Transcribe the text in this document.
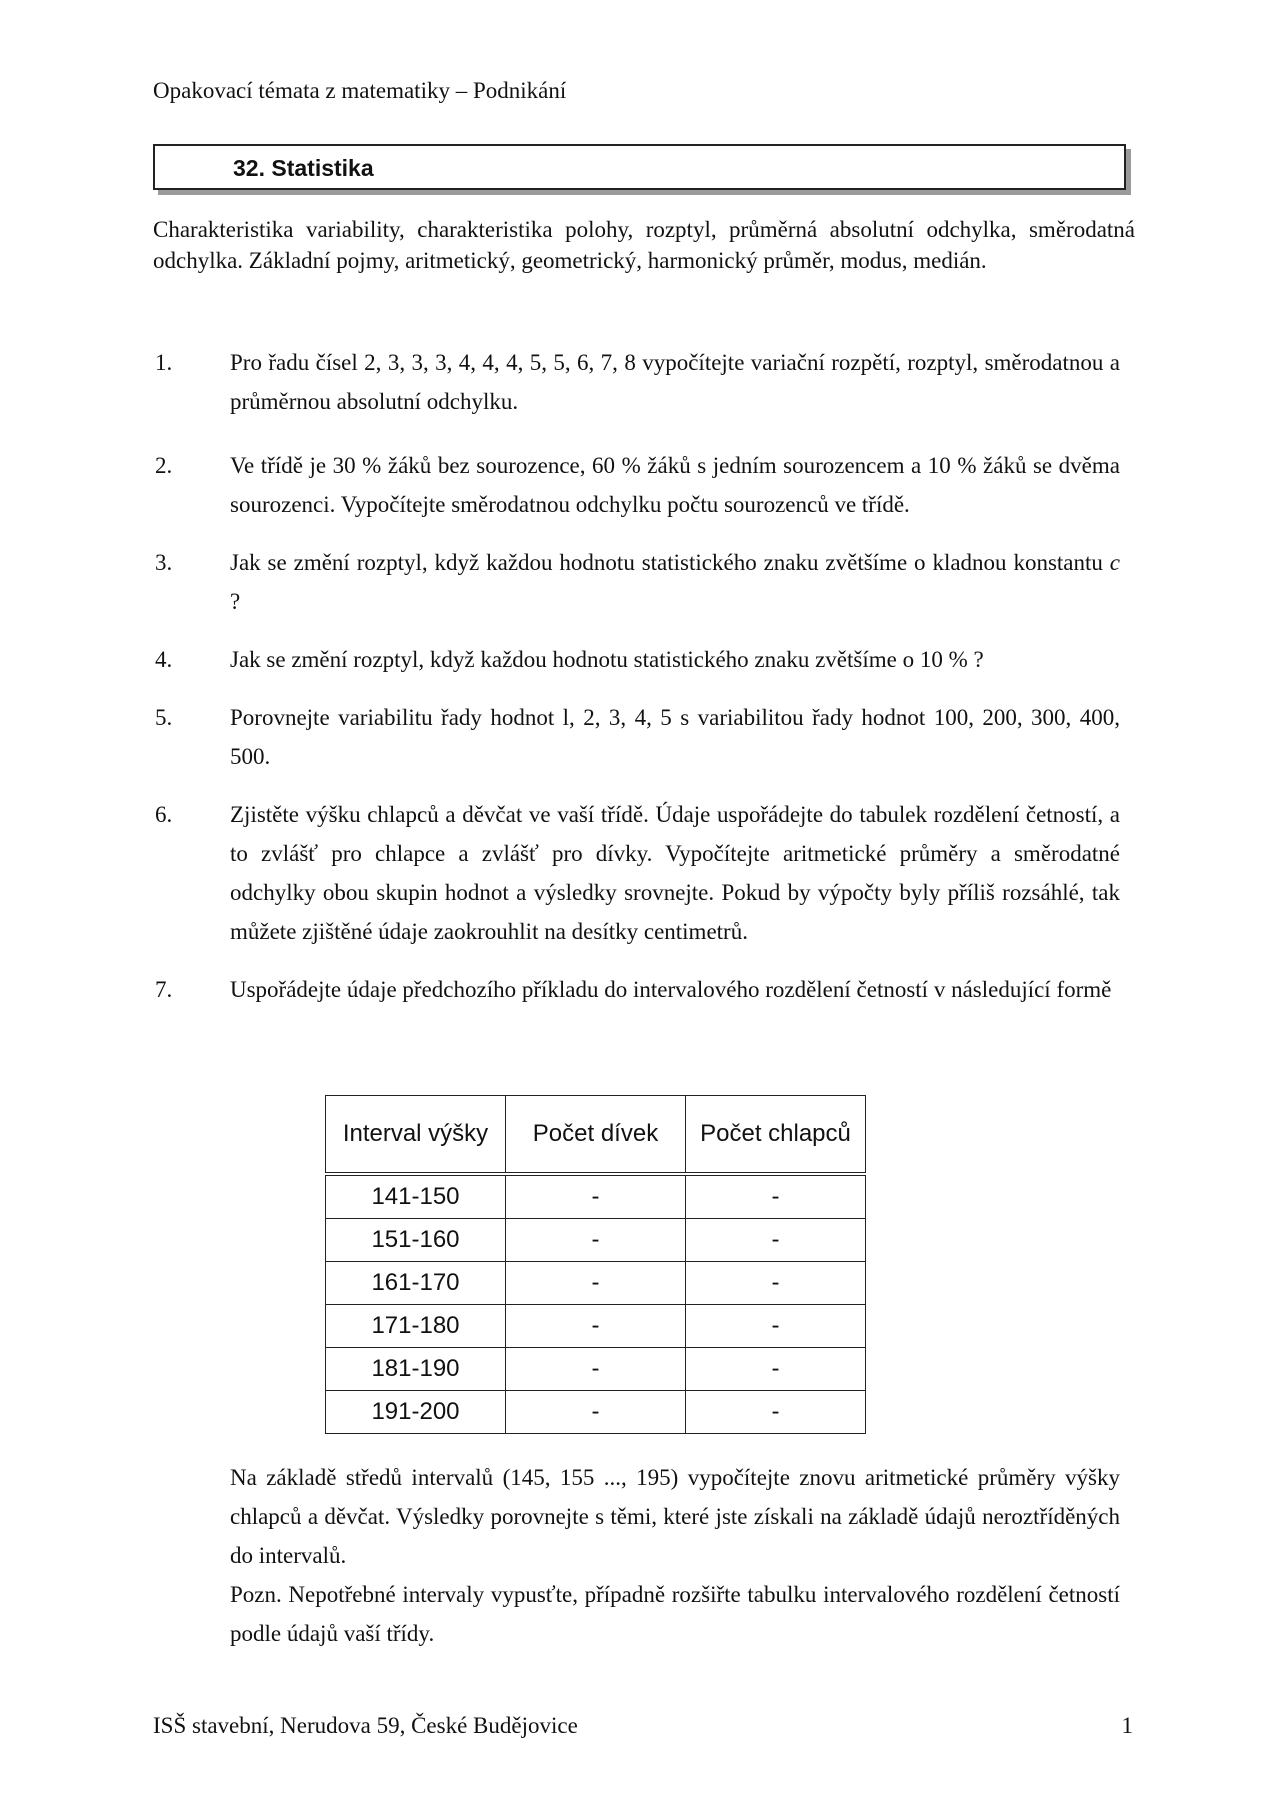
Opakovací témata z matematiky – Podnikání
32. Statistika
Charakteristika variability, charakteristika polohy, rozptyl, průměrná absolutní odchylka, směrodatná odchylka. Základní pojmy, aritmetický, geometrický, harmonický průměr, modus, medián.
1.	Pro řadu čísel 2, 3, 3, 3, 4, 4, 4, 5, 5, 6, 7, 8 vypočítejte variační rozpětí, rozptyl, směrodatnou a průměrnou absolutní odchylku.
2.	Ve třídě je 30 % žáků bez sourozence, 60 % žáků s jedním sourozencem a 10 % žáků se dvěma sourozenci. Vypočítejte směrodatnou odchylku počtu sourozenců ve třídě.
3.	Jak se změní rozptyl, když každou hodnotu statistického znaku zvětšíme o kladnou konstantu c ?
4.	Jak se změní rozptyl, když každou hodnotu statistického znaku zvětšíme o 10 % ?
5.	Porovnejte variabilitu řady hodnot l, 2, 3, 4, 5 s variabilitou řady hodnot 100, 200, 300, 400, 500.
6.	Zjistěte výšku chlapců a děvčat ve vaší třídě. Údaje uspořádejte do tabulek rozdělení četností, a to zvlášť pro chlapce a zvlášť pro dívky. Vypočítejte aritmetické průměry a směrodatné odchylky obou skupin hodnot a výsledky srovnejte. Pokud by výpočty byly příliš rozsáhlé, tak můžete zjištěné údaje zaokrouhlit na desítky centimetrů.
7.	Uspořádejte údaje předchozího příkladu do intervalového rozdělení četností v následující formě
Interval výšky	Počet dívek	Počet chlapců
141-150	-	-
151-160	-	-
161-170	-	-
171-180	-	-
181-190	-	-
191-200	-	-
Na základě středů intervalů (145, 155 ..., 195) vypočítejte znovu aritmetické průměry výšky chlapců a děvčat. Výsledky porovnejte s těmi, které jste získali na základě údajů neroztříděných do intervalů.
Pozn. Nepotřebné intervaly vypusťte, případně rozšiřte tabulku intervalového rozdělení četností podle údajů vaší třídy.
ISŠ stavební, Nerudova 59, České Budějovice	1
